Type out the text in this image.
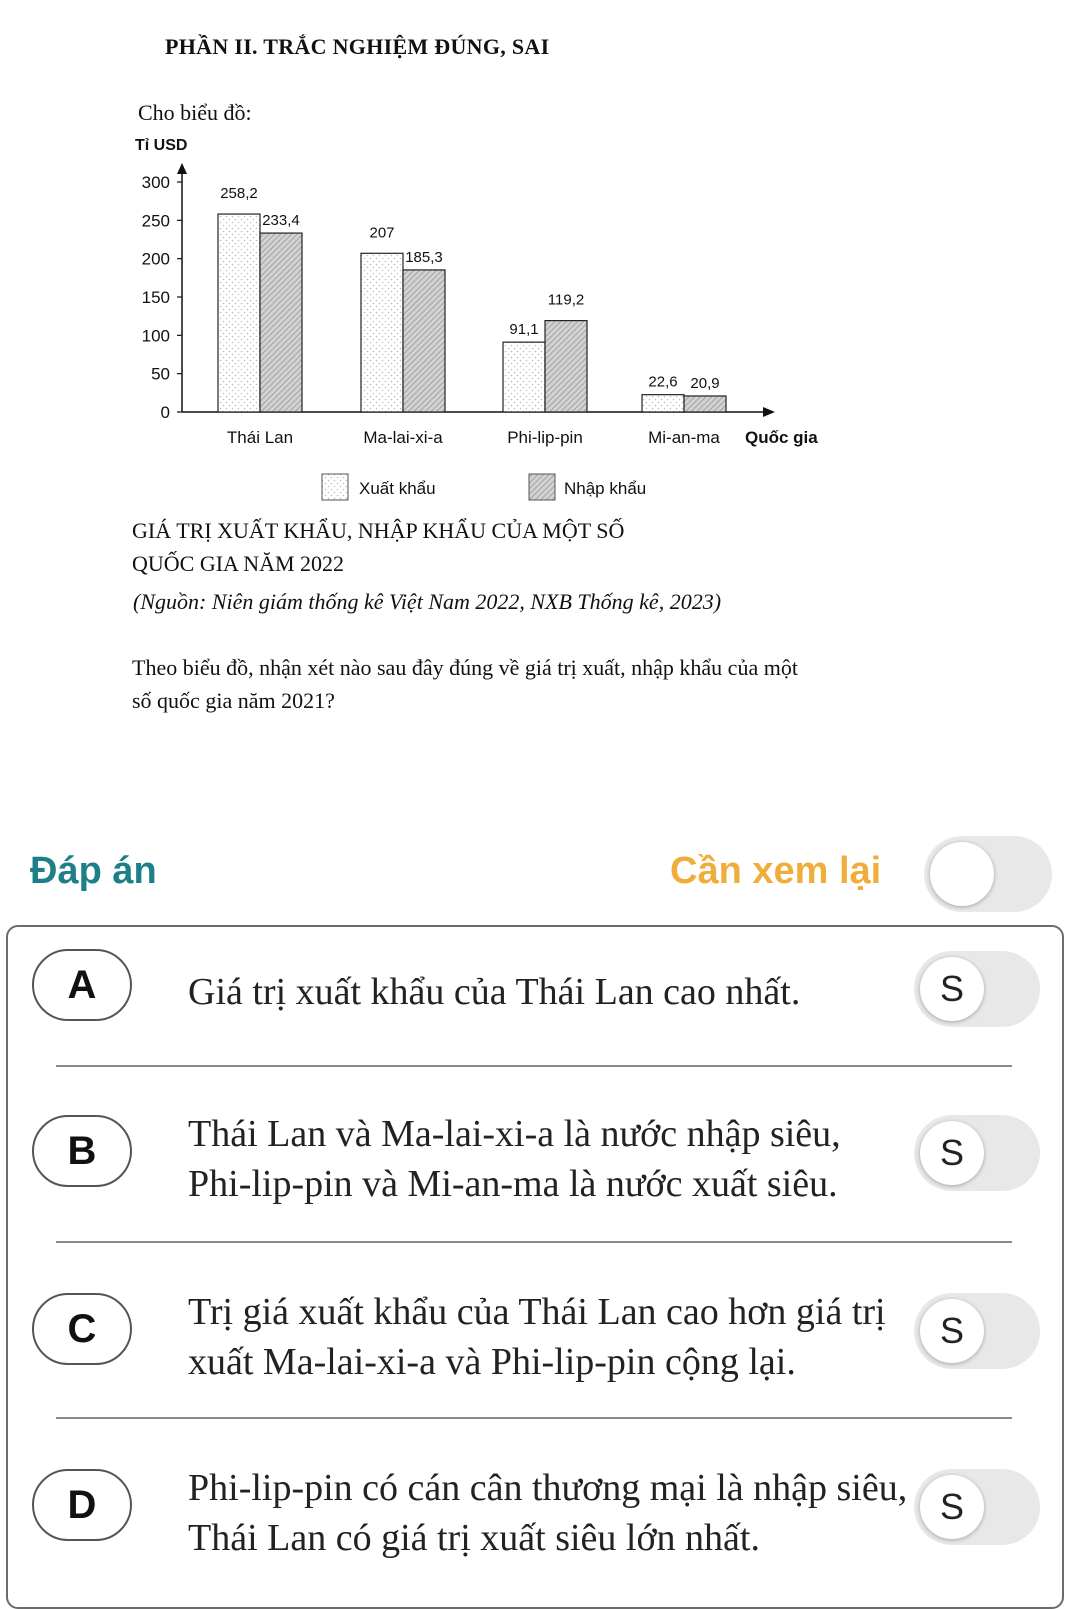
PHẦN II. TRẮC NGHIỆM ĐÚNG, SAI
Cho biểu đồ:
Tỉ USD
Quốc gia
0
50
100
150
200
250
300
258,2
233,4
Thái Lan
207
185,3
Ma-lai-xi-a
91,1
119,2
Phi-lip-pin
22,6 20,9
Mi-an-ma
Xuất khẩu	Nhập khẩu
GIÁ TRỊ XUẤT KHẨU, NHẬP KHẨU CỦA MỘT SỐ
QUỐC GIA NĂM 2022
(Nguồn: Niên giám thống kê Việt Nam 2022, NXB Thống kê, 2023)
Theo biểu đồ, nhận xét nào sau đây đúng về giá trị xuất, nhập khẩu của một số quốc gia năm 2021?
Đáp án	Cần xem lại
A	Giá trị xuất khẩu của Thái Lan cao nhất.	S
B	Thái Lan và Ma-lai-xi-a là nước nhập siêu, Phi-lip-pin và Mi-an-ma là nước xuất siêu.
S
C	Trị giá xuất khẩu của Thái Lan cao hơn giá trị xuất Ma-lai-xi-a và Phi-lip-pin cộng lại.
S
D	Phi-lip-pin có cán cân thương mại là nhập siêu, Thái Lan có giá trị xuất siêu lớn nhất.
S
